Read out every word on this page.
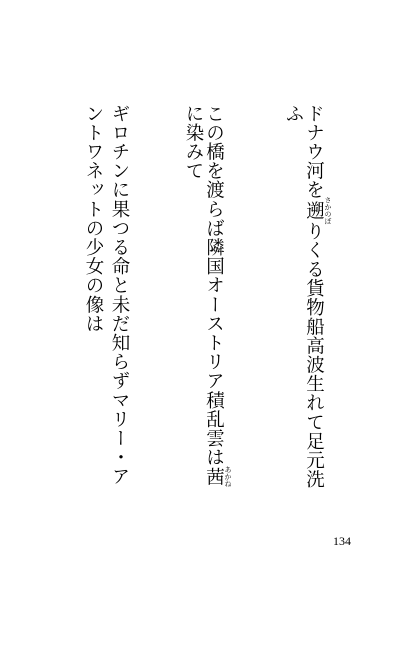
ドナウ河を遡 さかのぼりくる貨物船高波生れて足元洗
ふ
この橋を渡らば隣国オーストリア積乱雲は茜 あかね
に染みて
ギロチンに果つる命と未だ知らずマリー・ア
ントワネットの少女の像は
134
